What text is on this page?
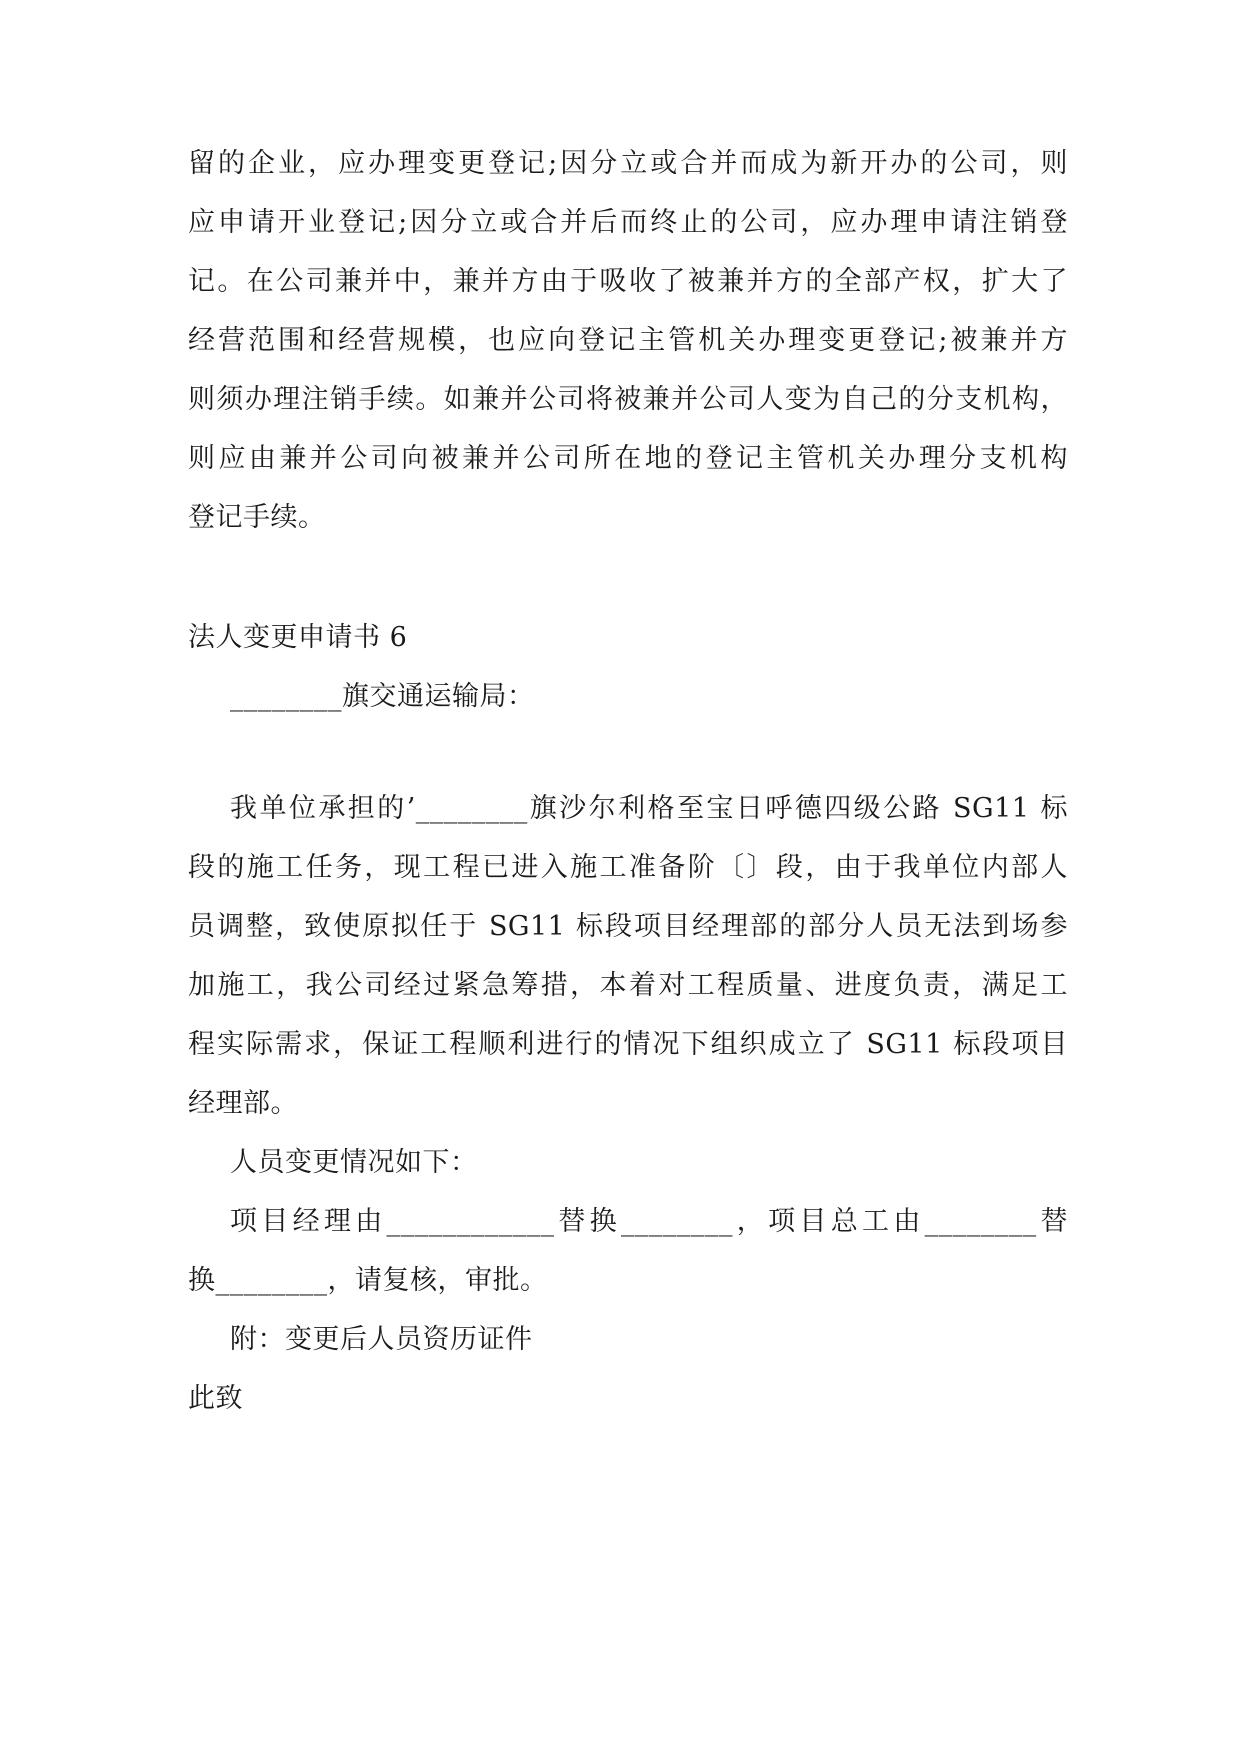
留的企业，应办理变更登记;因分立或合并而成为新开办的公司，则
应申请开业登记;因分立或合并后而终止的公司，应办理申请注销登
记。在公司兼并中，兼并方由于吸收了被兼并方的全部产权，扩大了
经营范围和经营规模，也应向登记主管机关办理变更登记;被兼并方
则须办理注销手续。如兼并公司将被兼并公司人变为自己的分支机构，
则应由兼并公司向被兼并公司所在地的登记主管机关办理分支机构
登记手续。
法人变更申请书 6
________旗交通运输局：
我单位承担的’________旗沙尔利格至宝日呼德四级公路 SG11 标
段的施工任务，现工程已进入施工准备阶〔〕段，由于我单位内部人
员调整，致使原拟任于 SG11 标段项目经理部的部分人员无法到场参
加施工，我公司经过紧急筹措，本着对工程质量、进度负责，满足工
程实际需求，保证工程顺利进行的情况下组织成立了 SG11 标段项目
经理部。
人员变更情况如下：
项目经理由____________替换________，项目总工由________替
换________，请复核，审批。
附：变更后人员资历证件
此致
